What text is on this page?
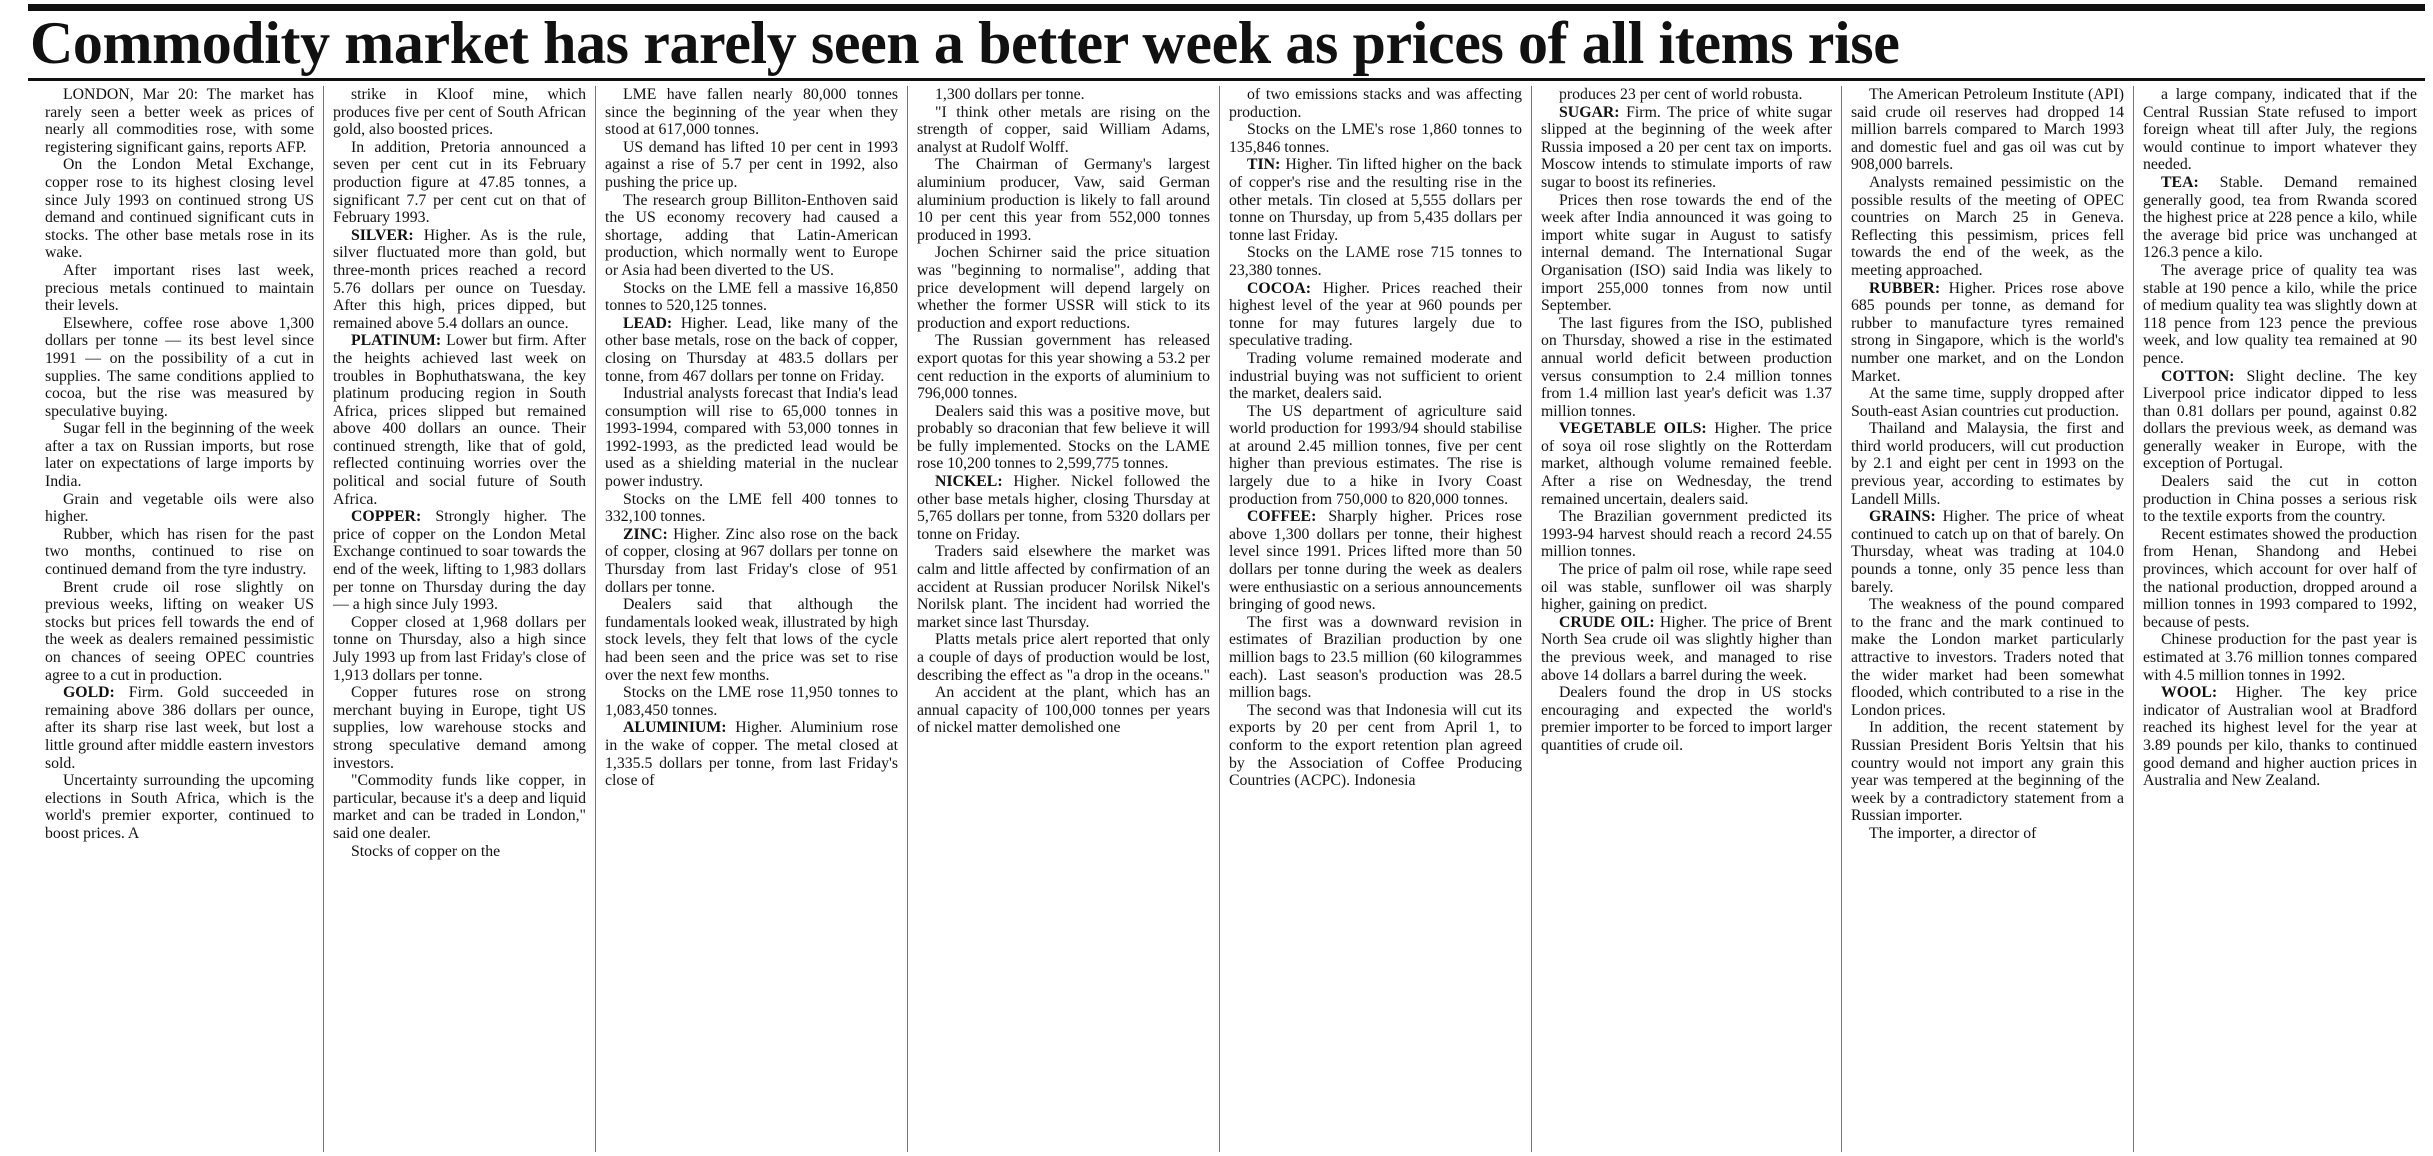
Commodity market has rarely seen a better week as prices of all items rise

LONDON, Mar 20: The market has rarely seen a better week as prices of nearly all commodities rose, with some registering significant gains, reports AFP.

On the London Metal Exchange, copper rose to its highest closing level since July 1993 on continued strong US demand and continued significant cuts in stocks. The other base metals rose in its wake.

After important rises last week, precious metals continued to maintain their levels.

Elsewhere, coffee rose above 1,300 dollars per tonne — its best level since 1991 — on the possibility of a cut in supplies. The same conditions applied to cocoa, but the rise was measured by speculative buying.

Sugar fell in the beginning of the week after a tax on Russian imports, but rose later on expectations of large imports by India.

Grain and vegetable oils were also higher.

Rubber, which has risen for the past two months, continued to rise on continued demand from the tyre industry.

Brent crude oil rose slightly on previous weeks, lifting on weaker US stocks but prices fell towards the end of the week as dealers remained pessimistic on chances of seeing OPEC countries agree to a cut in production.

GOLD: Firm. Gold succeeded in remaining above 386 dollars per ounce, after its sharp rise last week, but lost a little ground after middle eastern investors sold.

Uncertainty surrounding the upcoming elections in South Africa, which is the world's premier exporter, continued to boost prices. A

strike in Kloof mine, which produces five per cent of South African gold, also boosted prices.

In addition, Pretoria announced a seven per cent cut in its February production figure at 47.85 tonnes, a significant 7.7 per cent cut on that of February 1993.

SILVER: Higher. As is the rule, silver fluctuated more than gold, but three-month prices reached a record 5.76 dollars per ounce on Tuesday. After this high, prices dipped, but remained above 5.4 dollars an ounce.

PLATINUM: Lower but firm. After the heights achieved last week on troubles in Bophuthatswana, the key platinum producing region in South Africa, prices slipped but remained above 400 dollars an ounce. Their continued strength, like that of gold, reflected continuing worries over the political and social future of South Africa.

COPPER: Strongly higher. The price of copper on the London Metal Exchange continued to soar towards the end of the week, lifting to 1,983 dollars per tonne on Thursday during the day — a high since July 1993.

Copper closed at 1,968 dollars per tonne on Thursday, also a high since July 1993 up from last Friday's close of 1,913 dollars per tonne.

Copper futures rose on strong merchant buying in Europe, tight US supplies, low warehouse stocks and strong speculative demand among investors.

"Commodity funds like copper, in particular, because it's a deep and liquid market and can be traded in London," said one dealer.

Stocks of copper on the

LME have fallen nearly 80,000 tonnes since the beginning of the year when they stood at 617,000 tonnes.

US demand has lifted 10 per cent in 1993 against a rise of 5.7 per cent in 1992, also pushing the price up.

The research group Billiton-Enthoven said the US economy recovery had caused a shortage, adding that Latin-American production, which normally went to Europe or Asia had been diverted to the US.

Stocks on the LME fell a massive 16,850 tonnes to 520,125 tonnes.

LEAD: Higher. Lead, like many of the other base metals, rose on the back of copper, closing on Thursday at 483.5 dollars per tonne, from 467 dollars per tonne on Friday.

Industrial analysts forecast that India's lead consumption will rise to 65,000 tonnes in 1993-1994, compared with 53,000 tonnes in 1992-1993, as the predicted lead would be used as a shielding material in the nuclear power industry.

Stocks on the LME fell 400 tonnes to 332,100 tonnes.

ZINC: Higher. Zinc also rose on the back of copper, closing at 967 dollars per tonne on Thursday from last Friday's close of 951 dollars per tonne.

Dealers said that although the fundamentals looked weak, illustrated by high stock levels, they felt that lows of the cycle had been seen and the price was set to rise over the next few months.

Stocks on the LME rose 11,950 tonnes to 1,083,450 tonnes.

ALUMINIUM: Higher. Aluminium rose in the wake of copper. The metal closed at 1,335.5 dollars per tonne, from last Friday's close of

1,300 dollars per tonne.

"I think other metals are rising on the strength of copper, said William Adams, analyst at Rudolf Wolff.

The Chairman of Germany's largest aluminium producer, Vaw, said German aluminium production is likely to fall around 10 per cent this year from 552,000 tonnes produced in 1993.

Jochen Schirner said the price situation was "beginning to normalise", adding that price development will depend largely on whether the former USSR will stick to its production and export reductions.

The Russian government has released export quotas for this year showing a 53.2 per cent reduction in the exports of aluminium to 796,000 tonnes.

Dealers said this was a positive move, but probably so draconian that few believe it will be fully implemented. Stocks on the LAME rose 10,200 tonnes to 2,599,775 tonnes.

NICKEL: Higher. Nickel followed the other base metals higher, closing Thursday at 5,765 dollars per tonne, from 5320 dollars per tonne on Friday.

Traders said elsewhere the market was calm and little affected by confirmation of an accident at Russian producer Norilsk Nikel's Norilsk plant. The incident had worried the market since last Thursday.

Platts metals price alert reported that only a couple of days of production would be lost, describing the effect as "a drop in the oceans."

An accident at the plant, which has an annual capacity of 100,000 tonnes per years of nickel matter demolished one

of two emissions stacks and was affecting production.

Stocks on the LME's rose 1,860 tonnes to 135,846 tonnes.

TIN: Higher. Tin lifted higher on the back of copper's rise and the resulting rise in the other metals. Tin closed at 5,555 dollars per tonne on Thursday, up from 5,435 dollars per tonne last Friday.

Stocks on the LAME rose 715 tonnes to 23,380 tonnes.

COCOA: Higher. Prices reached their highest level of the year at 960 pounds per tonne for may futures largely due to speculative trading.

Trading volume remained moderate and industrial buying was not sufficient to orient the market, dealers said.

The US department of agriculture said world production for 1993/94 should stabilise at around 2.45 million tonnes, five per cent higher than previous estimates. The rise is largely due to a hike in Ivory Coast production from 750,000 to 820,000 tonnes.

COFFEE: Sharply higher. Prices rose above 1,300 dollars per tonne, their highest level since 1991. Prices lifted more than 50 dollars per tonne during the week as dealers were enthusiastic on a serious announcements bringing of good news.

The first was a downward revision in estimates of Brazilian production by one million bags to 23.5 million (60 kilogrammes each). Last season's production was 28.5 million bags.

The second was that Indonesia will cut its exports by 20 per cent from April 1, to conform to the export retention plan agreed by the Association of Coffee Producing Countries (ACPC). Indonesia

produces 23 per cent of world robusta.

SUGAR: Firm. The price of white sugar slipped at the beginning of the week after Russia imposed a 20 per cent tax on imports. Moscow intends to stimulate imports of raw sugar to boost its refineries.

Prices then rose towards the end of the week after India announced it was going to import white sugar in August to satisfy internal demand. The International Sugar Organisation (ISO) said India was likely to import 255,000 tonnes from now until September.

The last figures from the ISO, published on Thursday, showed a rise in the estimated annual world deficit between production versus consumption to 2.4 million tonnes from 1.4 million last year's deficit was 1.37 million tonnes.

VEGETABLE OILS: Higher. The price of soya oil rose slightly on the Rotterdam market, although volume remained feeble. After a rise on Wednesday, the trend remained uncertain, dealers said.

The Brazilian government predicted its 1993-94 harvest should reach a record 24.55 million tonnes.

The price of palm oil rose, while rape seed oil was stable, sunflower oil was sharply higher, gaining on predict.

CRUDE OIL: Higher. The price of Brent North Sea crude oil was slightly higher than the previous week, and managed to rise above 14 dollars a barrel during the week.

Dealers found the drop in US stocks encouraging and expected the world's premier importer to be forced to import larger quantities of crude oil.

The American Petroleum Institute (API) said crude oil reserves had dropped 14 million barrels compared to March 1993 and domestic fuel and gas oil was cut by 908,000 barrels.

Analysts remained pessimistic on the possible results of the meeting of OPEC countries on March 25 in Geneva. Reflecting this pessimism, prices fell towards the end of the week, as the meeting approached.

RUBBER: Higher. Prices rose above 685 pounds per tonne, as demand for rubber to manufacture tyres remained strong in Singapore, which is the world's number one market, and on the London Market.

At the same time, supply dropped after South-east Asian countries cut production.

Thailand and Malaysia, the first and third world producers, will cut production by 2.1 and eight per cent in 1993 on the previous year, according to estimates by Landell Mills.

GRAINS: Higher. The price of wheat continued to catch up on that of barely. On Thursday, wheat was trading at 104.0 pounds a tonne, only 35 pence less than barely.

The weakness of the pound compared to the franc and the mark continued to make the London market particularly attractive to investors. Traders noted that the wider market had been somewhat flooded, which contributed to a rise in the London prices.

In addition, the recent statement by Russian President Boris Yeltsin that his country would not import any grain this year was tempered at the beginning of the week by a contradictory statement from a Russian importer.

The importer, a director of

a large company, indicated that if the Central Russian State refused to import foreign wheat till after July, the regions would continue to import whatever they needed.

TEA: Stable. Demand remained generally good, tea from Rwanda scored the highest price at 228 pence a kilo, while the average bid price was unchanged at 126.3 pence a kilo.

The average price of quality tea was stable at 190 pence a kilo, while the price of medium quality tea was slightly down at 118 pence from 123 pence the previous week, and low quality tea remained at 90 pence.

COTTON: Slight decline. The key Liverpool price indicator dipped to less than 0.81 dollars per pound, against 0.82 dollars the previous week, as demand was generally weaker in Europe, with the exception of Portugal.

Dealers said the cut in cotton production in China posses a serious risk to the textile exports from the country.

Recent estimates showed the production from Henan, Shandong and Hebei provinces, which account for over half of the national production, dropped around a million tonnes in 1993 compared to 1992, because of pests.

Chinese production for the past year is estimated at 3.76 million tonnes compared with 4.5 million tonnes in 1992.

WOOL: Higher. The key price indicator of Australian wool at Bradford reached its highest level for the year at 3.89 pounds per kilo, thanks to continued good demand and higher auction prices in Australia and New Zealand.
